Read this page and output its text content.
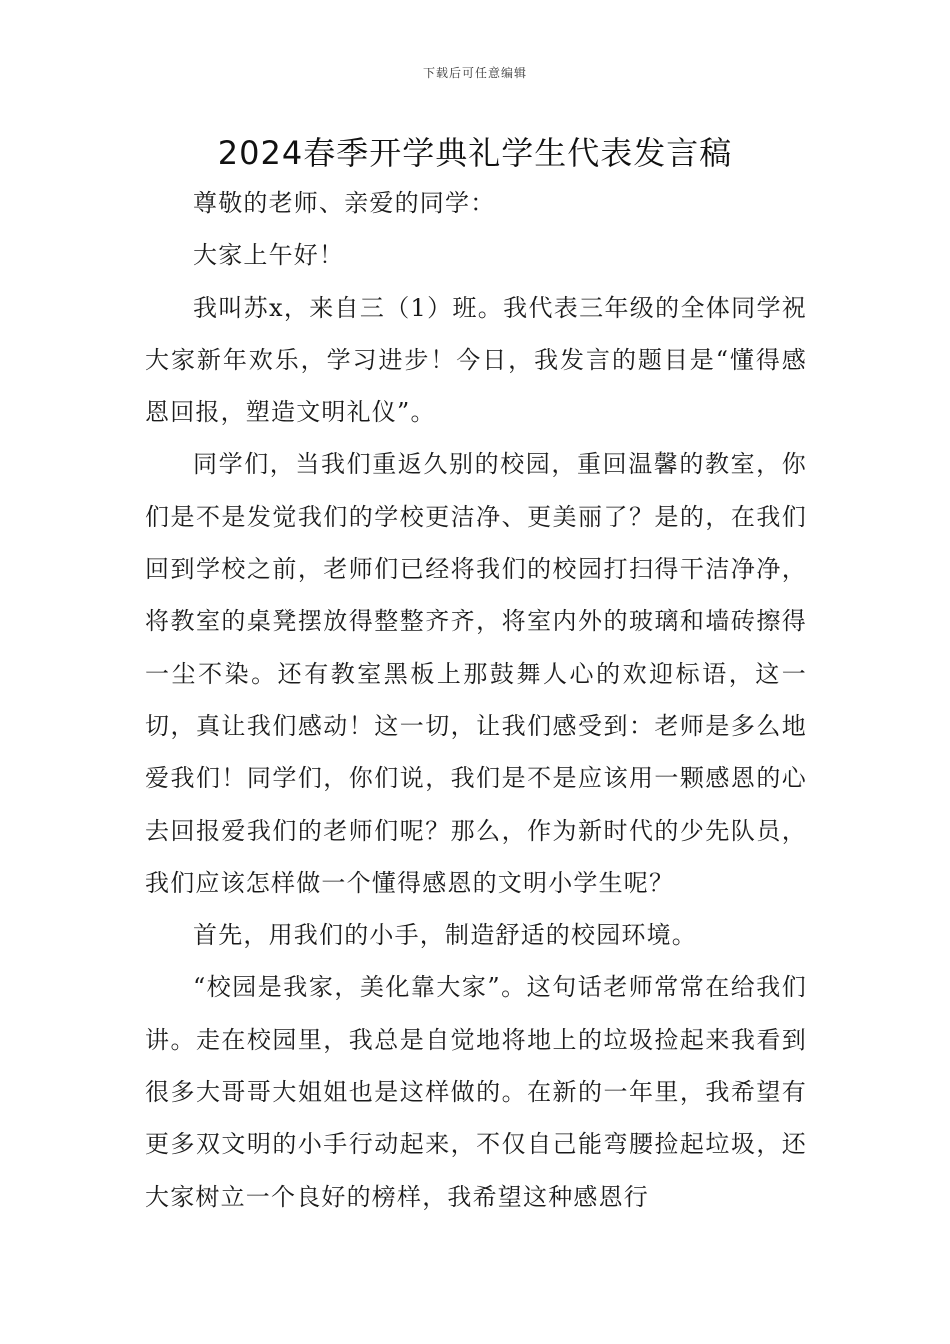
下载后可任意编辑
2024春季开学典礼学生代表发言稿

尊敬的老师、亲爱的同学：

大家上午好！

我叫苏x，来自三（1）班。我代表三年级的全体同学祝大家新年欢乐，学习进步！今日，我发言的题目是“懂得感恩回报，塑造文明礼仪”。

同学们，当我们重返久别的校园，重回温馨的教室，你们是不是发觉我们的学校更洁净、更美丽了？是的，在我们回到学校之前，老师们已经将我们的校园打扫得干洁净净，将教室的桌凳摆放得整整齐齐，将室内外的玻璃和墙砖擦得一尘不染。还有教室黑板上那鼓舞人心的欢迎标语，这一切，真让我们感动！这一切，让我们感受到：老师是多么地爱我们！同学们，你们说，我们是不是应该用一颗感恩的心去回报爱我们的老师们呢？那么，作为新时代的少先队员，我们应该怎样做一个懂得感恩的文明小学生呢？

首先，用我们的小手，制造舒适的校园环境。

“校园是我家，美化靠大家”。这句话老师常常在给我们讲。走在校园里，我总是自觉地将地上的垃圾捡起来我看到很多大哥哥大姐姐也是这样做的。在新的一年里，我希望有更多双文明的小手行动起来，不仅自己能弯腰捡起垃圾，还大家树立一个良好的榜样，我希望这种感恩行
